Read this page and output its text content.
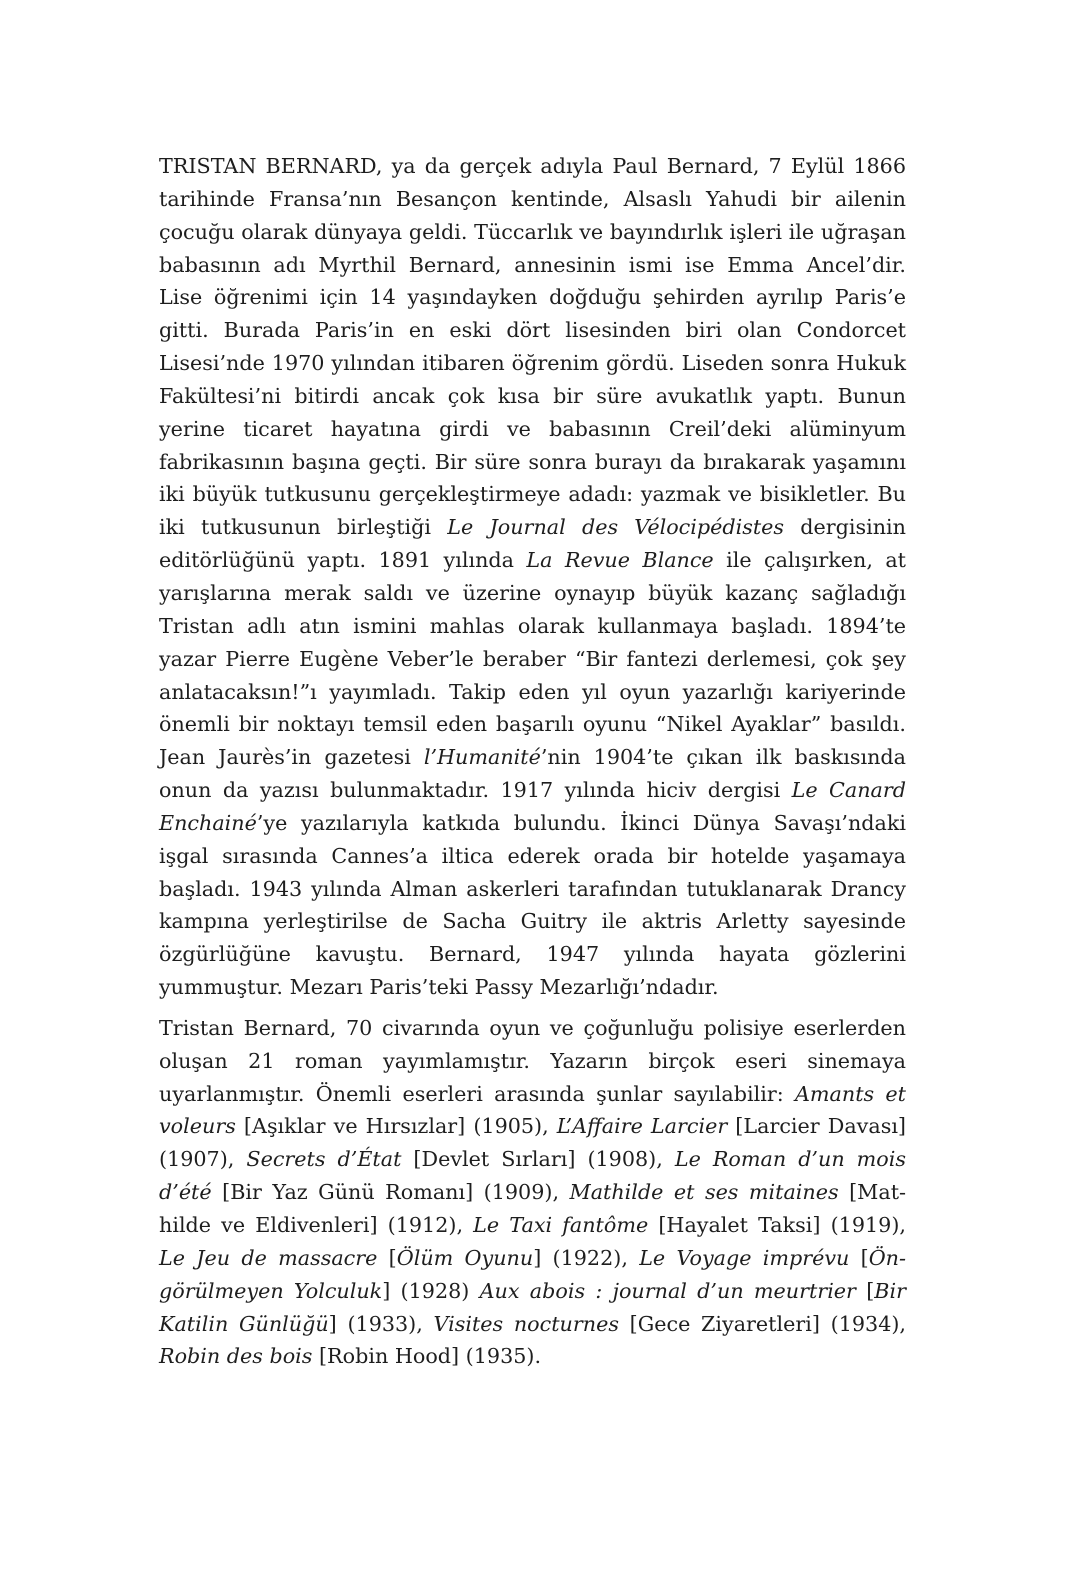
TRISTAN BERNARD, ya da gerçek adıyla Paul Bernard, 7 Eylül 1866 tarihinde Fransa’nın Besançon kentinde, Alsaslı Yahudi bir ailenin çocuğu olarak dünyaya geldi. Tüccarlık ve bayındırlık işleri ile uğraşan babasının adı Myrthil Bernard, annesinin ismi ise Emma Ancel’dir. Lise öğrenimi için 14 yaşındayken doğduğu şehirden ayrılıp Paris’e gitti. Burada Paris’in en eski dört lisesinden biri olan Condorcet Lisesi’nde 1970 yılından itibaren öğrenim gördü. Liseden sonra Hukuk Fakültesi’ni bitirdi ancak çok kısa bir süre avukatlık yaptı. Bunun yerine ticaret hayatına girdi ve babasının Creil’deki alüminyum fabrikasının başına geçti. Bir süre sonra burayı da bırakarak yaşamını iki büyük tutkusunu gerçekleştirmeye adadı: yazmak ve bisikletler. Bu iki tutkusunun birleştiği Le Journal des Vélocipédistes dergisinin editörlüğünü yaptı. 1891 yılında La Revue Blance ile çalışırken, at yarışlarına merak saldı ve üzerine oynayıp büyük kazanç sağladığı Tristan adlı atın ismini mahlas olarak kullanmaya başladı. 1894’te yazar Pierre Eugène Veber’le beraber “Bir fantezi derlemesi, çok şey anlatacaksın!”ı yayımladı. Takip eden yıl oyun yazarlığı kariyerinde önemli bir noktayı temsil eden başarılı oyunu “Nikel Ayaklar” basıldı. Jean Jaurès’in gazetesi l’Humanité’nin 1904’te çıkan ilk baskısında onun da yazısı bulunmaktadır. 1917 yılında hiciv dergisi Le Canard Enchainé’ye yazılarıyla katkıda bulundu. İkinci Dünya Savaşı’ndaki işgal sırasında Cannes’a iltica ederek orada bir hotelde yaşamaya başladı. 1943 yılında Alman askerleri tarafından tutuklanarak Drancy kampına yerleştirilse de Sacha Guitry ile aktris Arletty sayesinde özgürlüğüne kavuştu. Bernard, 1947 yılında hayata gözlerini yummuştur. Mezarı Paris’teki Passy Mezarlığı’ndadır.

Tristan Bernard, 70 civarında oyun ve çoğunluğu polisiye eserlerden oluşan 21 roman yayımlamıştır. Yazarın birçok eseri sinemaya uyarlanmıştır. Önemli eserleri arasında şunlar sayılabilir: Amants et voleurs [Aşıklar ve Hırsızlar] (1905), L’Affaire Larcier [Larcier Davası] (1907), Secrets d’État [Devlet Sırları] (1908), Le Roman d’un mois d’été [Bir Yaz Günü Romanı] (1909), Mathilde et ses mitaines [Mathilde ve Eldivenleri] (1912), Le Taxi fantôme [Hayalet Taksi] (1919), Le Jeu de massacre [Ölüm Oyunu] (1922), Le Voyage imprévu [Öngörülmeyen Yolculuk] (1928) Aux abois : journal d’un meurtrier [Bir Katilin Günlüğü] (1933), Visites nocturnes [Gece Ziyaretleri] (1934), Robin des bois [Robin Hood] (1935).
